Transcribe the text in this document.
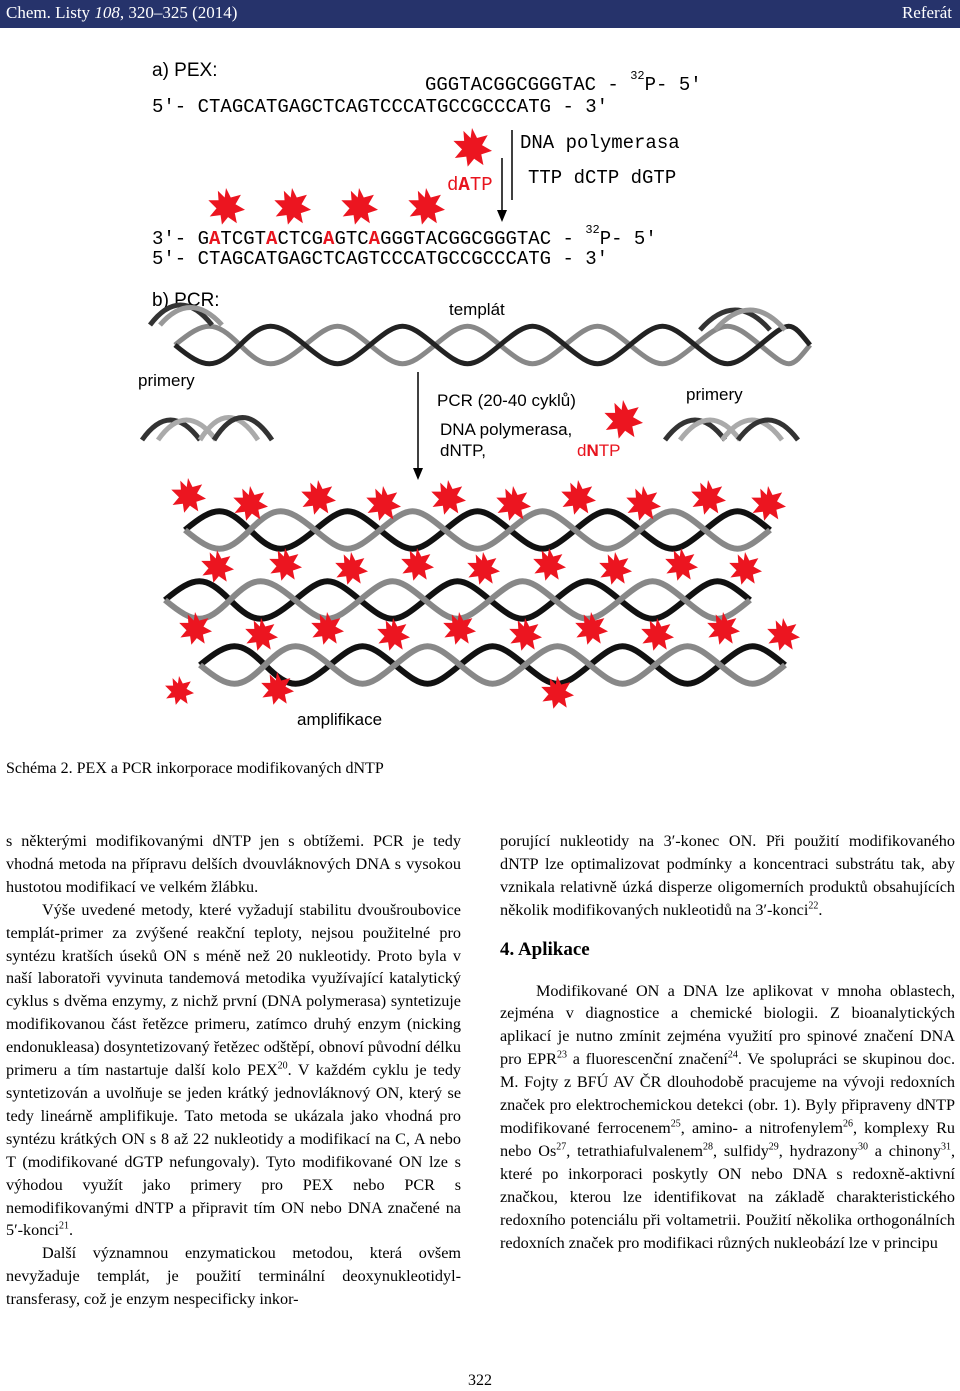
Chem. Listy 108, 320–325 (2014)	Referát
a) PEX:
GGGTACGGCGGGTAC - $^{32}$P- 5'
5'- CTAGCATGAGCTCAGTCCCATGCCGCCCATG - 3'
DNA polymerasa
TTP dCTP dGTP
dATP
3'- GATCGTACTCGAGTCAGGGTACGGCGGGTAC - $^{32}$P- 5'
5'- CTAGCATGAGCTCAGTCCCATGCCGCCCATG - 3'
b) PCR:	templát
primery
primery
PCR (20-40 cyklů)
DNA polymerasa,
dNTP,	dNTP
amplifikace
Schéma 2. PEX a PCR inkorporace modifikovaných dNTP

s některými modifikovanými dNTP jen s obtížemi. PCR je tedy vhodná metoda na přípravu delších dvouvláknových DNA s vysokou hustotou modifikací ve velkém žlábku.

Výše uvedené metody, které vyžadují stabilitu dvoušroubovice templát-primer za zvýšené reakční teploty, nejsou použitelné pro syntézu kratších úseků ON s méně než 20 nukleotidy. Proto byla v naší laboratoři vyvinuta tandemová metodika využívající katalytický cyklus s dvěma enzymy, z nichž první (DNA polymerasa) syntetizuje modifikovanou část řetězce primeru, zatímco druhý enzym (nicking endonukleasa) dosyntetizovaný řetězec odštěpí, obnoví původní délku primeru a tím nastartuje další kolo PEX$^{20}$. V každém cyklu je tedy syntetizován a uvolňuje se jeden krátký jednovláknový ON, který se tedy lineárně amplifikuje. Tato metoda se ukázala jako vhodná pro syntézu krátkých ON s 8 až 22 nukleotidy a modifikací na C, A nebo T (modifikované dGTP nefungovaly). Tyto modifikované ON lze s výhodou využít jako primery pro PEX nebo PCR s nemodifikovanými dNTP a připravit tím ON nebo DNA značené na 5′-konci$^{21}$.

Další významnou enzymatickou metodou, která ovšem nevyžaduje templát, je použití terminální deoxynukleotidyl-transferasy, což je enzym nespecificky inkor-

porující nukleotidy na 3′-konec ON. Při použití modifikovaného dNTP lze optimalizovat podmínky a koncentraci substrátu tak, aby vznikala relativně úzká disperze oligomerních produktů obsahujících několik modifikovaných nukleotidů na 3′-konci$^{22}$.

4. Aplikace

Modifikované ON a DNA lze aplikovat v mnoha oblastech, zejména v diagnostice a chemické biologii. Z bioanalytických aplikací je nutno zmínit zejména využití pro spinové značení DNA pro EPR$^{23}$ a fluorescenční značení$^{24}$. Ve spolupráci se skupinou doc. M. Fojty z BFÚ AV ČR dlouhodobě pracujeme na vývoji redoxních značek pro elektrochemickou detekci (obr. 1). Byly připraveny dNTP modifikované ferrocenem$^{25}$, amino- a nitrofenylem$^{26}$, komplexy Ru nebo Os$^{27}$, tetrathiafulvalenem$^{28}$, sulfidy$^{29}$, hydrazony$^{30}$ a chinony$^{31}$, které po inkorporaci poskytly ON nebo DNA s redoxně-aktivní značkou, kterou lze identifikovat na základě charakteristického redoxního potenciálu při voltametrii. Použití několika orthogonálních redoxních značek pro modifikaci různých nukleobází lze v principu

322
